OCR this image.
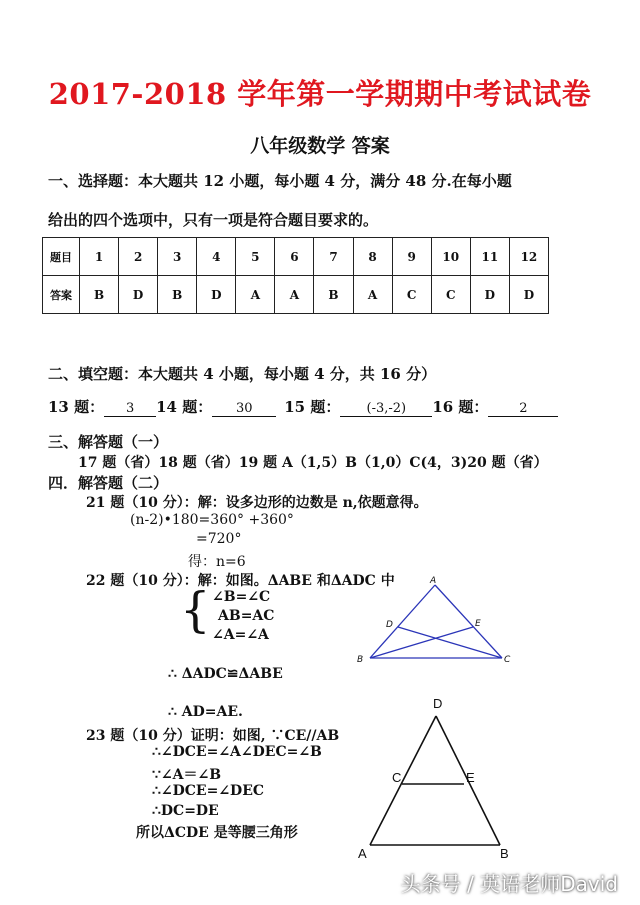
2017-2018 学年第一学期期中考试试卷
八年级数学 答案
一、选择题：本大题共 12 小题，每小题 4 分，满分 48 分.在每小题
给出的四个选项中，只有一项是符合题目要求的。
题目	1	2	3	4	5	6	7	8	9	10	11	12
答案	B	D	B	D	A	A	B	A	C	C	D	D
二、填空题：本大题共 4 小题，每小题 4 分，共 16 分）
13 题： 3 14 题： 30 15 题： (-3,-2) 16 题： 2
三、解答题（一）
17 题（省）18 题（省）19 题 A（1,5）B（1,0）C(4，3)20 题（省）
四．解答题（二）
21 题（10 分）：解：设多边形的边数是 n,依题意得。
(n-2)•180=360° +360°
=720°
得：n=6
22 题（10 分）：解：如图。ΔABE 和ΔADC 中
{ ∠B=∠C
AB=AC
∠A=∠A
∴ ΔADC≌ΔABE
∴ AD=AE.
A
B	C
D	E
A	B
C
D
E
23 题（10 分）证明：如图, ∵CE//AB
∴∠DCE=∠A∠DEC=∠B
∵∠A＝∠B
∴∠DCE=∠DEC
∴DC=DE
所以ΔCDE 是等腰三角形
头条号 / 英语老师David
